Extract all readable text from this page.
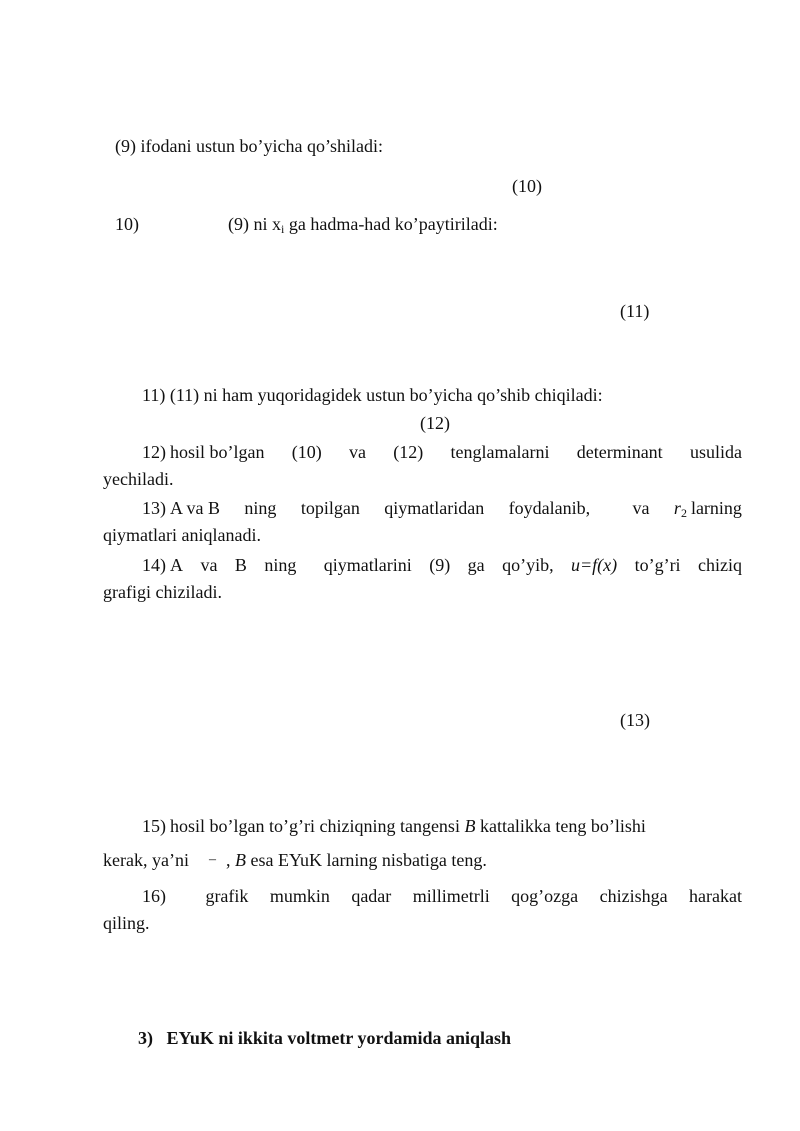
(9) ifodani ustun bo’yicha qo’shiladi:
(10)
10)	(9) ni $x_i$ ga hadma-had ko’paytiriladi:
(11)
11) (11) ni ham yuqoridagidek ustun bo’yicha qo’shib chiqiladi:
(12)
12) hosil bo’lgan (10) va (12) tenglamalarni determinant usulida
yechiladi.
13) A va B ning topilgan qiymatlaridan foydalanib, va $r_2$ larning
qiymatlari aniqlanadi.
14) A va B ning qiymatlarini (9) ga qo’yib, u=f(x) to’g’ri chiziq
grafigi chiziladi.
(13)
15) hosil bo’lgan to’g’ri chiziqning tangensi B kattalikka teng bo’lishi
kerak, ya’ni – , B esa EYuK larning nisbatiga teng.
16) grafik mumkin qadar millimetrli qog’ozga chizishga harakat
qiling.
3)   EYuK ni ikkita voltmetr yordamida aniqlash
